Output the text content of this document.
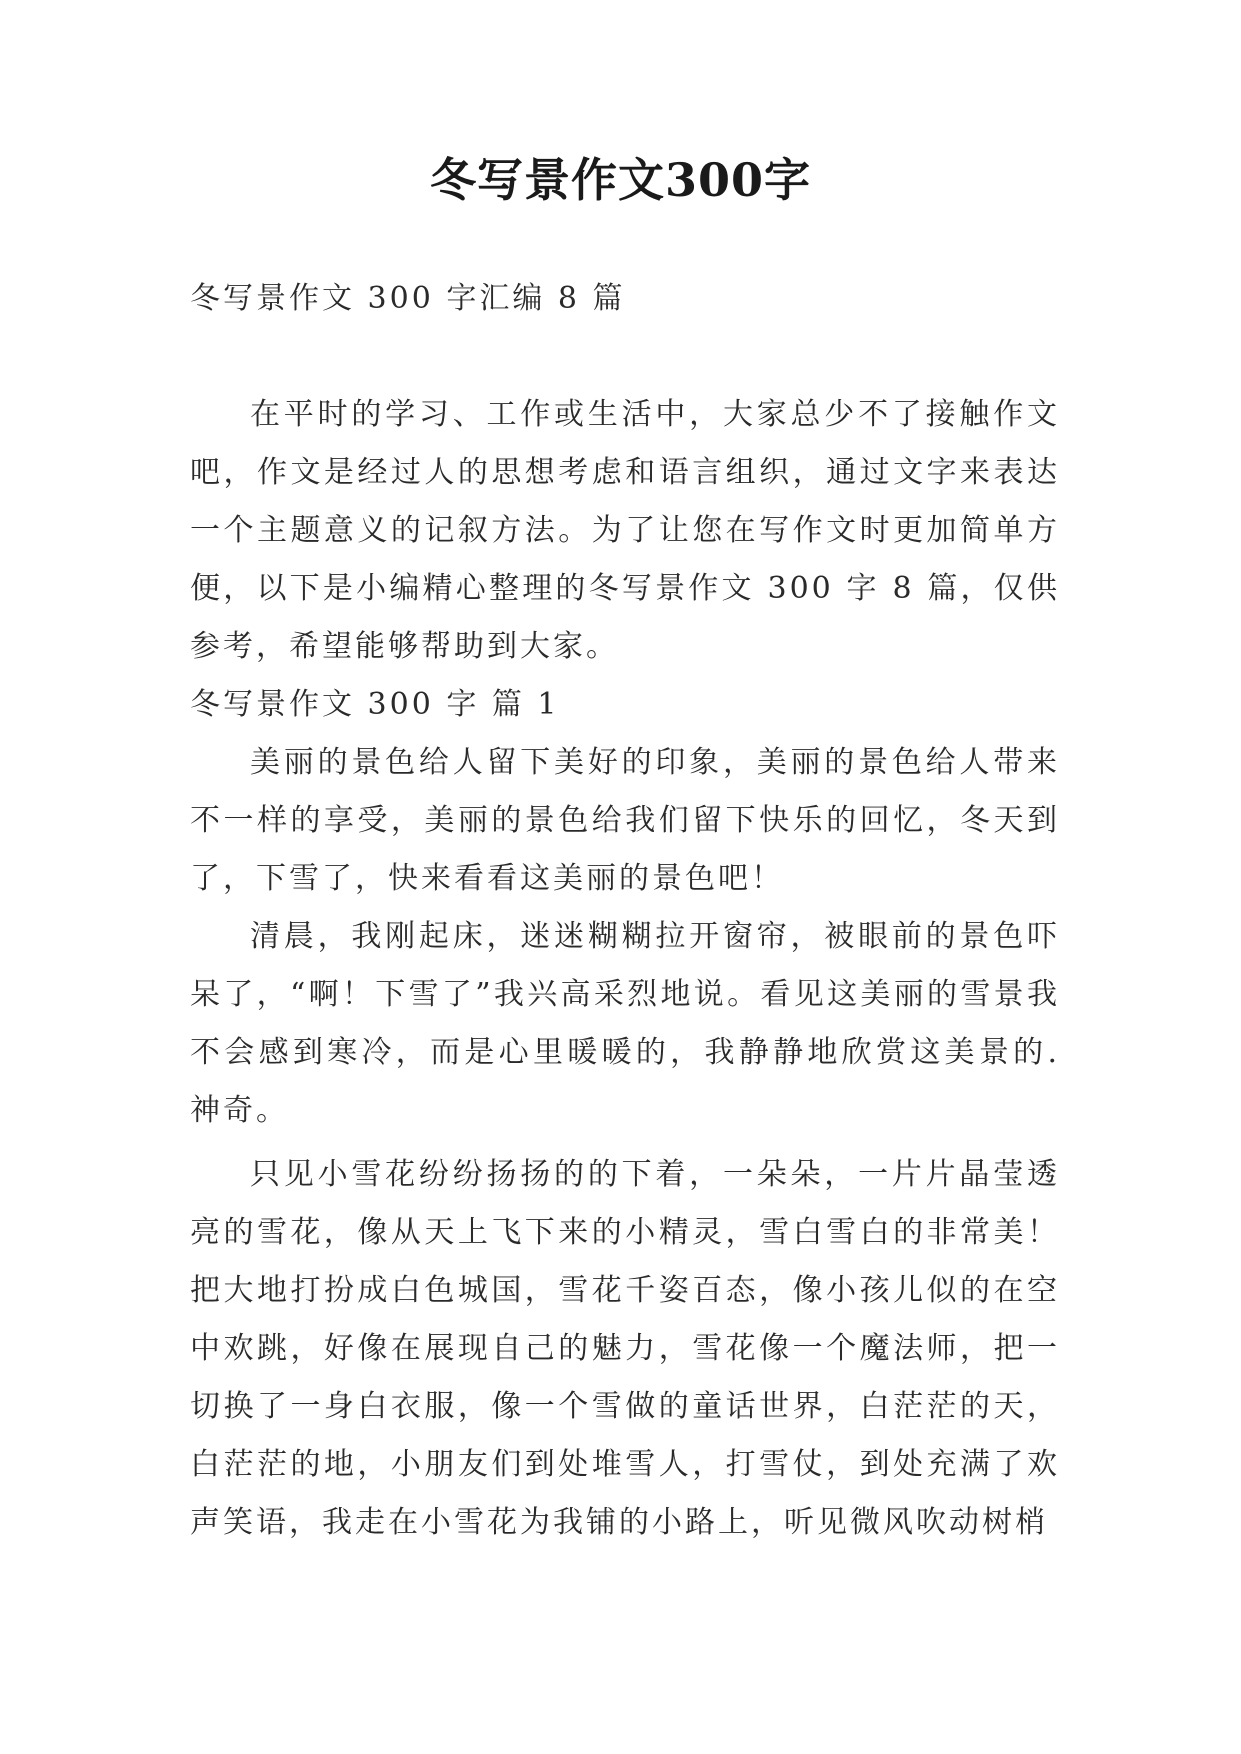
冬写景作文300字

冬写景作文 300 字汇编 8 篇

在平时的学习、工作或生活中，大家总少不了接触作文吧，作文是经过人的思想考虑和语言组织，通过文字来表达一个主题意义的记叙方法。为了让您在写作文时更加简单方便，以下是小编精心整理的冬写景作文 300 字 8 篇，仅供参考，希望能够帮助到大家。

冬写景作文 300 字 篇 1

美丽的景色给人留下美好的印象，美丽的景色给人带来不一样的享受，美丽的景色给我们留下快乐的回忆，冬天到了，下雪了，快来看看这美丽的景色吧！

清晨，我刚起床，迷迷糊糊拉开窗帘，被眼前的景色吓呆了，“啊！下雪了”我兴高采烈地说。看见这美丽的雪景我不会感到寒冷，而是心里暖暖的，我静静地欣赏这美景的.神奇。

只见小雪花纷纷扬扬的的下着，一朵朵，一片片晶莹透亮的雪花，像从天上飞下来的小精灵，雪白雪白的非常美！把大地打扮成白色城国，雪花千姿百态，像小孩儿似的在空中欢跳，好像在展现自己的魅力，雪花像一个魔法师，把一切换了一身白衣服，像一个雪做的童话世界，白茫茫的天，白茫茫的地，小朋友们到处堆雪人，打雪仗，到处充满了欢声笑语，我走在小雪花为我铺的小路上，听见微风吹动树梢
